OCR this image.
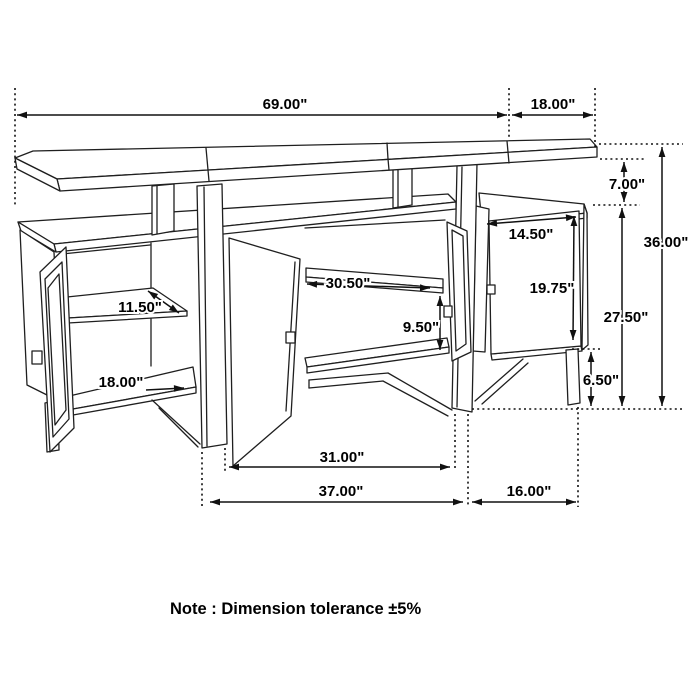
69.00"	18.00"
7.00"
36.00"
27.50"
6.50"
14.50"
19.75"
11.50"
18.00"
30.50"
9.50"
31.00"
37.00"	16.00"
Note : Dimension tolerance ±5%
